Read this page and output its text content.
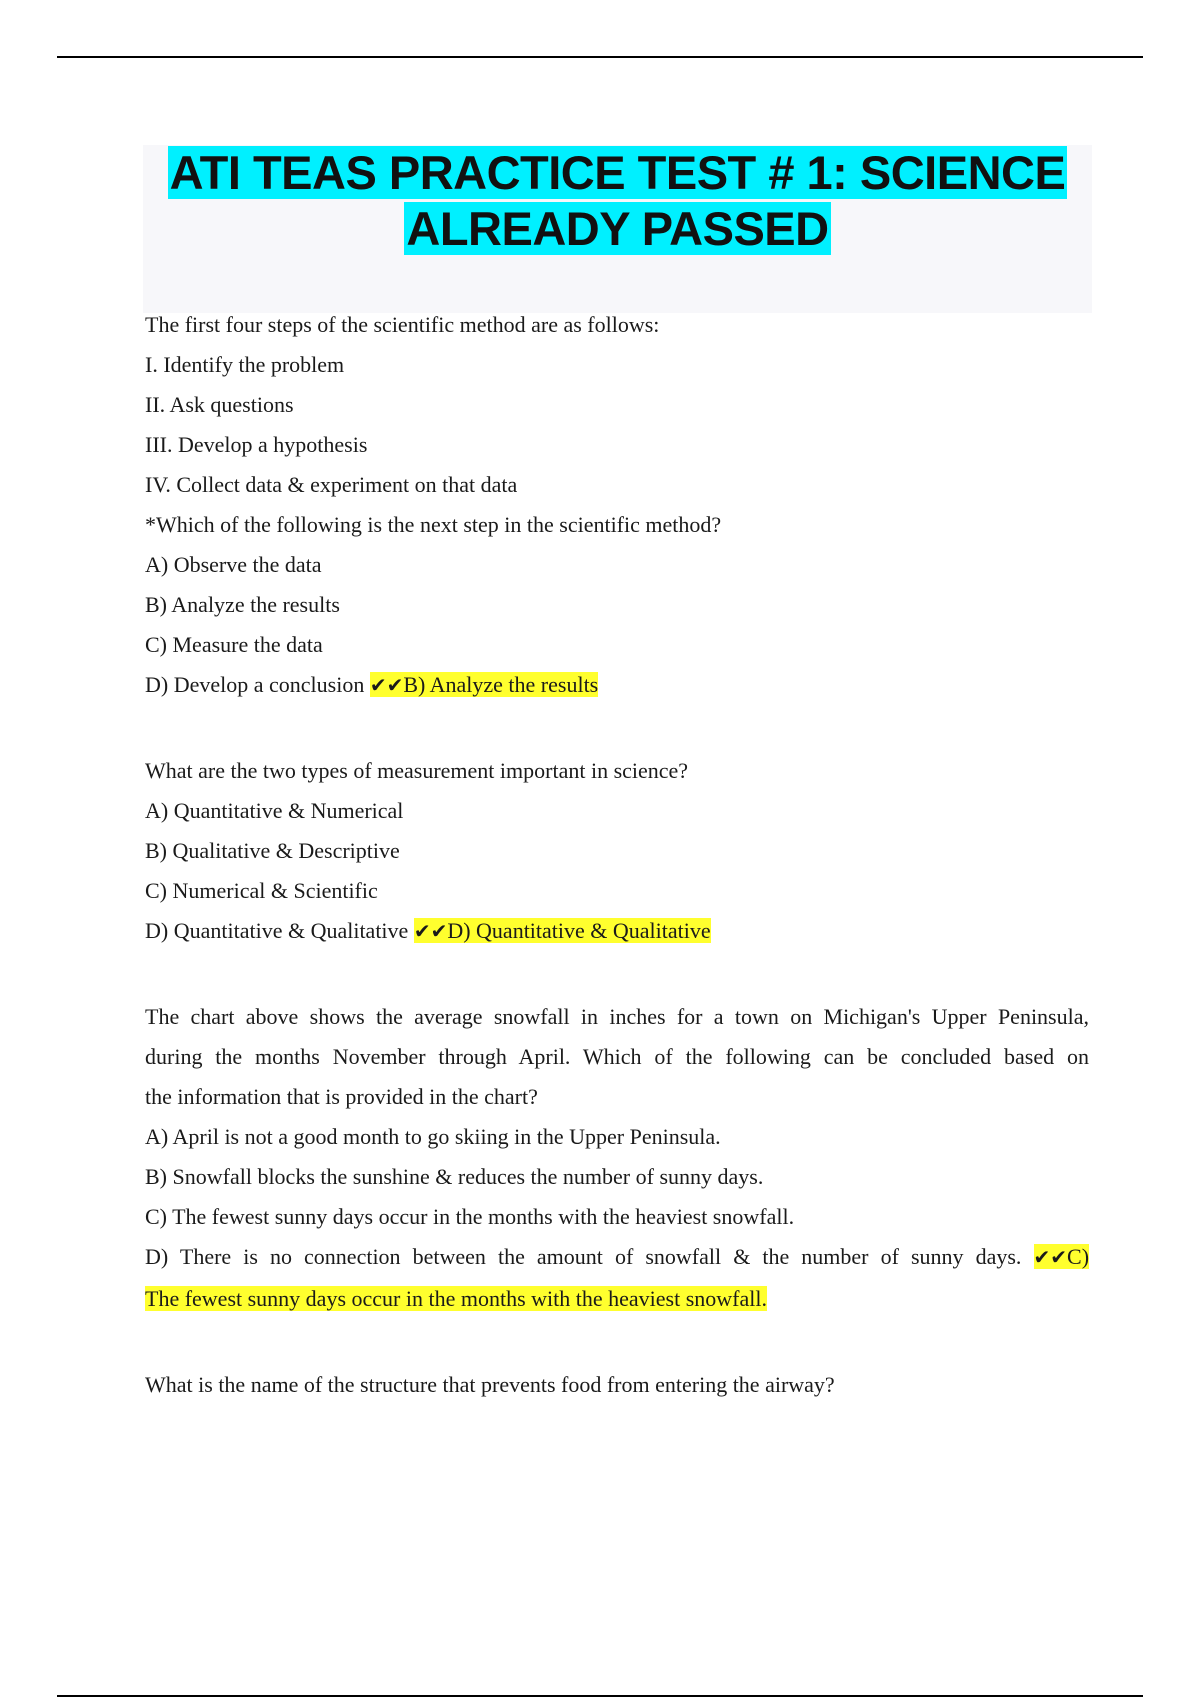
ATI TEAS PRACTICE TEST # 1: SCIENCE
ALREADY PASSED
The first four steps of the scientific method are as follows:
I. Identify the problem
II. Ask questions
III. Develop a hypothesis
IV. Collect data & experiment on that data
*Which of the following is the next step in the scientific method?
A) Observe the data
B) Analyze the results
C) Measure the data
D) Develop a conclusion ✔✔B) Analyze the results
What are the two types of measurement important in science?
A) Quantitative & Numerical
B) Qualitative & Descriptive
C) Numerical & Scientific
D) Quantitative & Qualitative ✔✔D) Quantitative & Qualitative
The chart above shows the average snowfall in inches for a town on Michigan's Upper Peninsula,
during the months November through April. Which of the following can be concluded based on
the information that is provided in the chart?
A) April is not a good month to go skiing in the Upper Peninsula.
B) Snowfall blocks the sunshine & reduces the number of sunny days.
C) The fewest sunny days occur in the months with the heaviest snowfall.
D) There is no connection between the amount of snowfall & the number of sunny days. ✔✔C)
The fewest sunny days occur in the months with the heaviest snowfall.
What is the name of the structure that prevents food from entering the airway?
